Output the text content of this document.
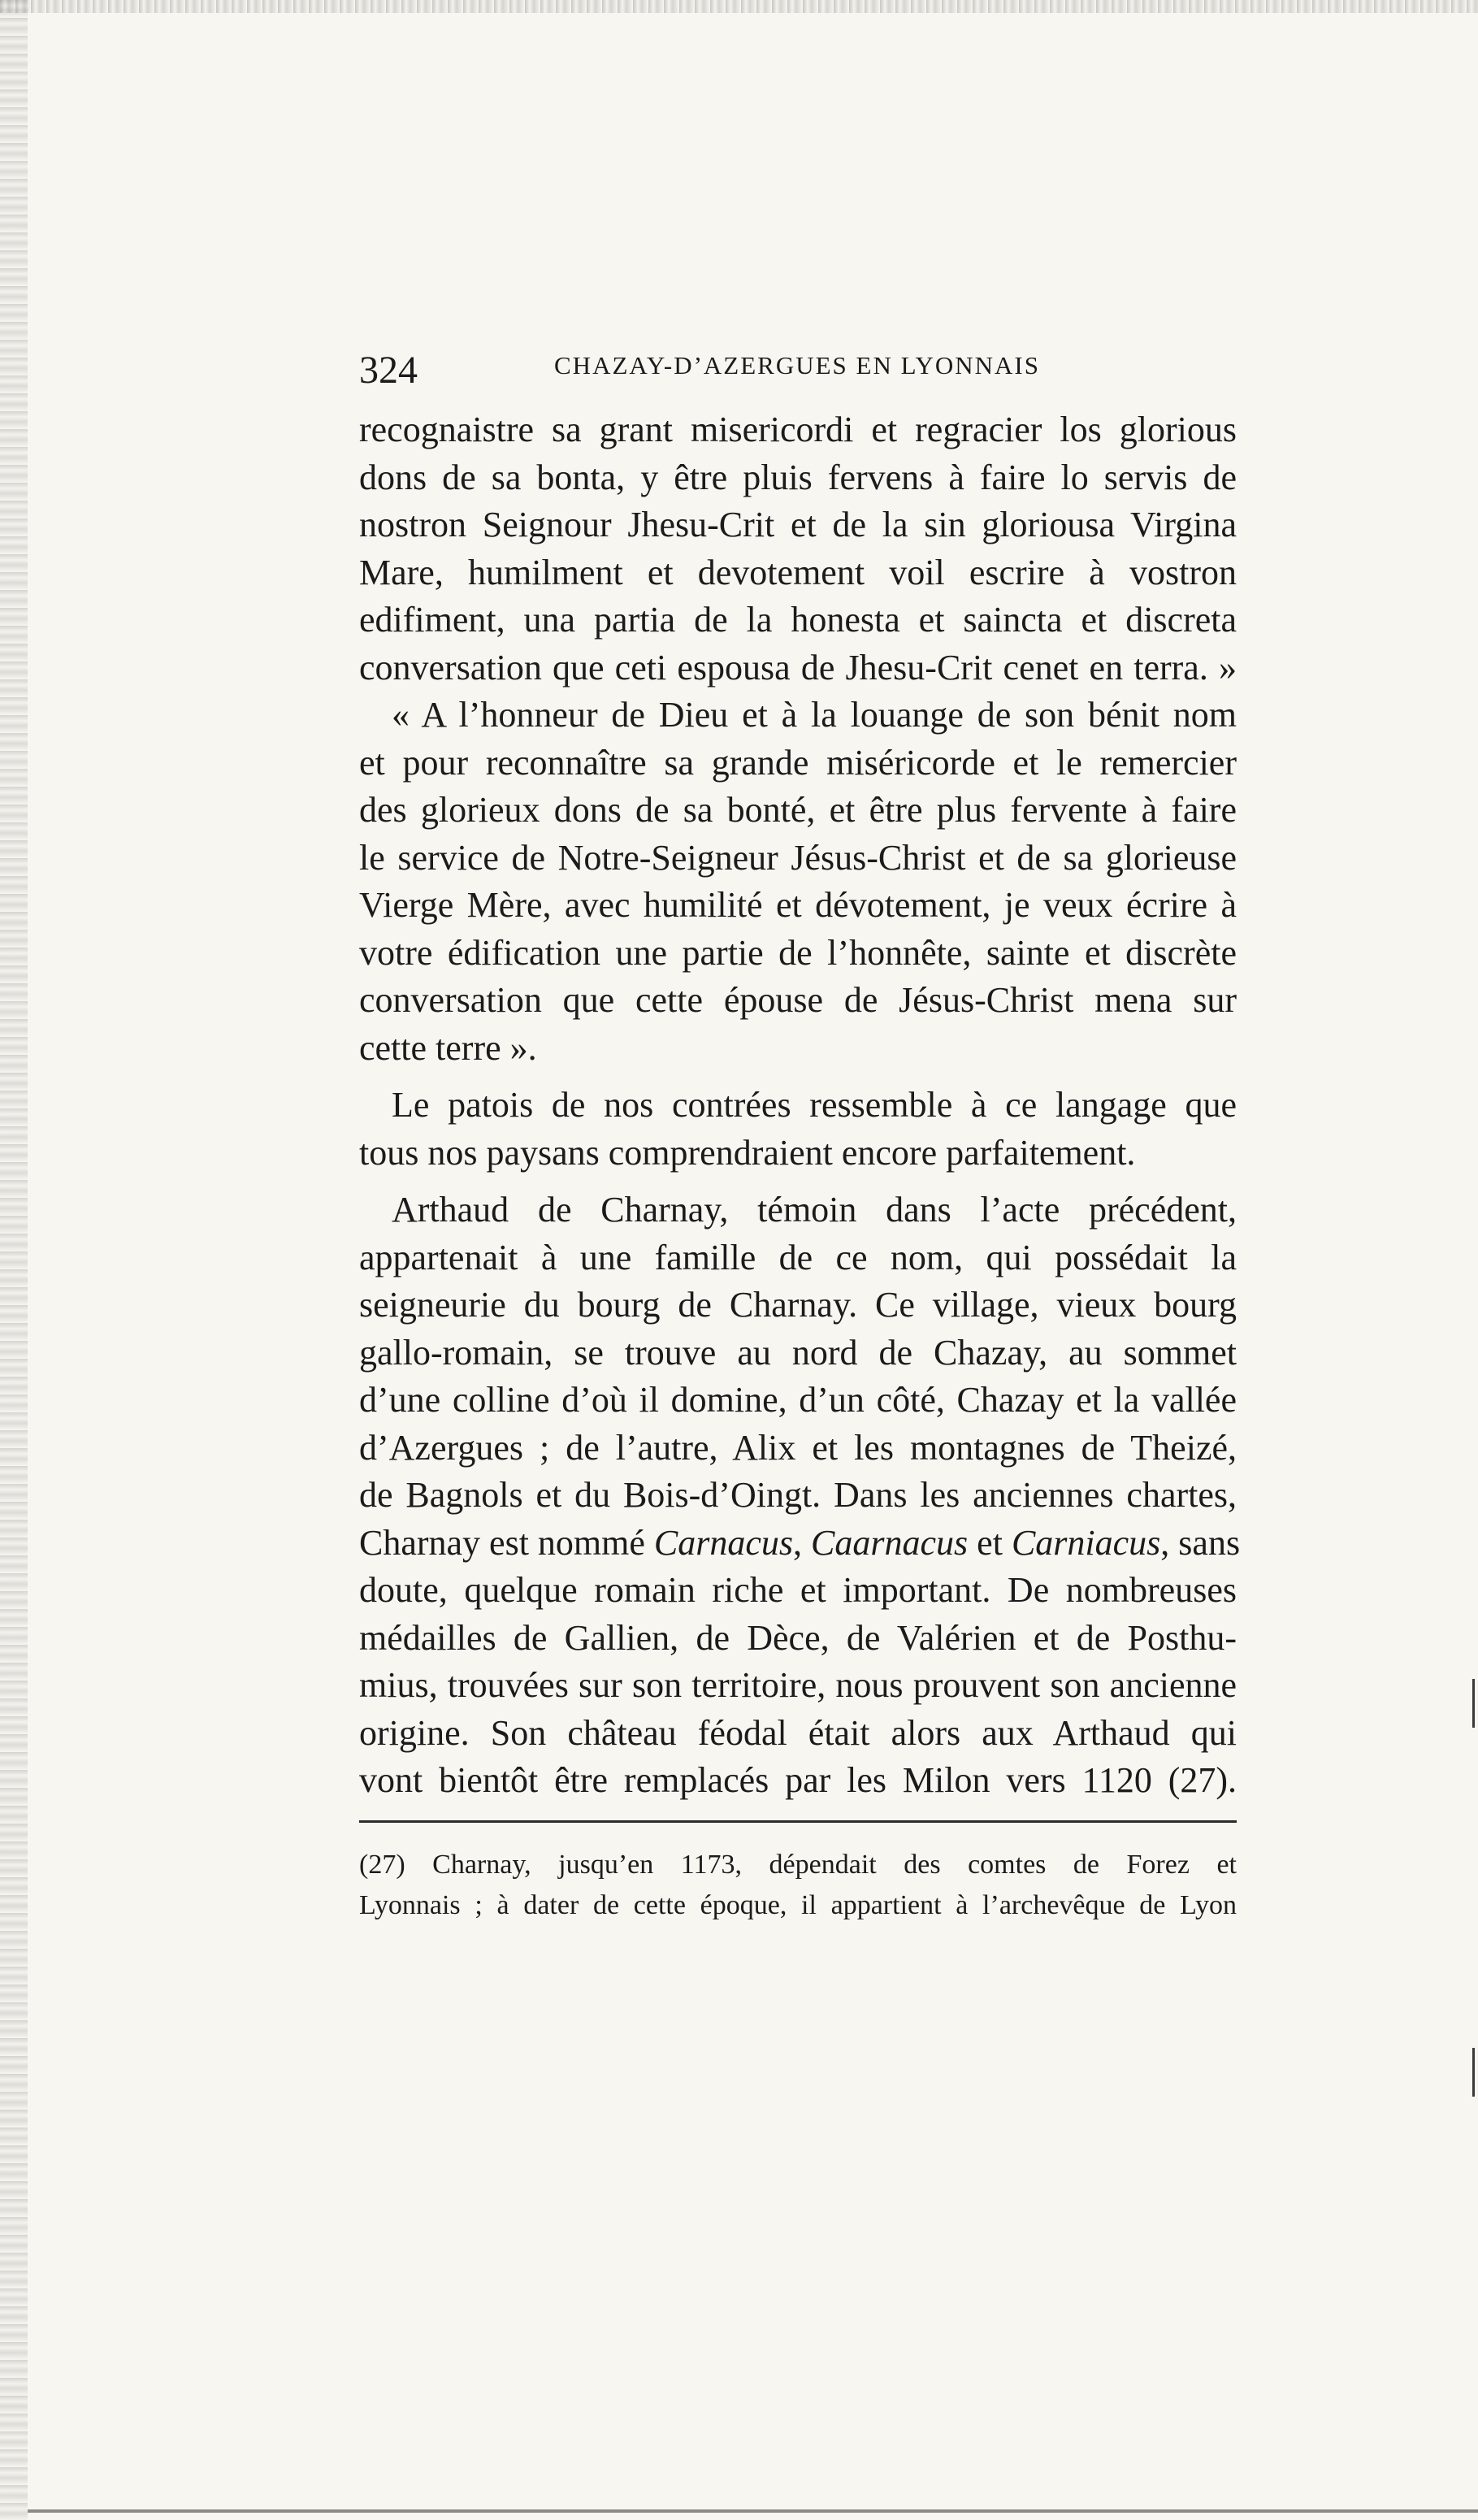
324	CHAZAY-D’AZERGUES EN LYONNAIS
recognaistre sa grant misericordi et regracier los glorious
dons de sa bonta, y être pluis fervens à faire lo servis de
nostron Seignour Jhesu-Crit et de la sin gloriousa Virgina
Mare, humilment et devotement voil escrire à vostron
edifiment, una partia de la honesta et saincta et discreta
conversation que ceti espousa de Jhesu-Crit cenet en terra. »
« A l’honneur de Dieu et à la louange de son bénit nom
et pour reconnaître sa grande miséricorde et le remercier
des glorieux dons de sa bonté, et être plus fervente à faire
le service de Notre-Seigneur Jésus-Christ et de sa glorieuse
Vierge Mère, avec humilité et dévotement, je veux écrire à
votre édification une partie de l’honnête, sainte et discrète
conversation que cette épouse de Jésus-Christ mena sur
cette terre ».
Le patois de nos contrées ressemble à ce langage que
tous nos paysans comprendraient encore parfaitement.
Arthaud de Charnay, témoin dans l’acte précédent,
appartenait à une famille de ce nom, qui possédait la
seigneurie du bourg de Charnay. Ce village, vieux bourg
gallo-romain, se trouve au nord de Chazay, au sommet
d’une colline d’où il domine, d’un côté, Chazay et la vallée
d’Azergues ; de l’autre, Alix et les montagnes de Theizé,
de Bagnols et du Bois-d’Oingt. Dans les anciennes chartes,
Charnay est nommé Carnacus, Caarnacus et Carniacus, sans
doute, quelque romain riche et important. De nombreuses
médailles de Gallien, de Dèce, de Valérien et de Posthu-
mius, trouvées sur son territoire, nous prouvent son ancienne
origine. Son château féodal était alors aux Arthaud qui
vont bientôt être remplacés par les Milon vers 1120 (27).
(27) Charnay, jusqu’en 1173, dépendait des comtes de Forez et
Lyonnais ; à dater de cette époque, il appartient à l’archevêque de Lyon
